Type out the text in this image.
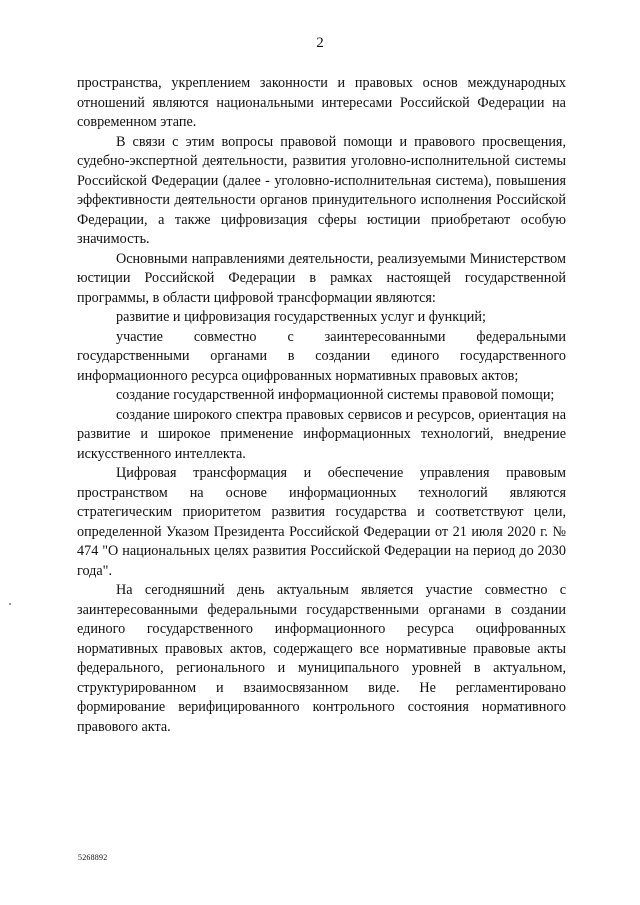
2

пространства, укреплением законности и правовых основ международных отношений являются национальными интересами Российской Федерации на современном этапе.

В связи с этим вопросы правовой помощи и правового просвещения, судебно-экспертной деятельности, развития уголовно-исполнительной системы Российской Федерации (далее - уголовно-исполнительная система), повышения эффективности деятельности органов принудительного исполнения Российской Федерации, а также цифровизация сферы юстиции приобретают особую значимость.

Основными направлениями деятельности, реализуемыми Министерством юстиции Российской Федерации в рамках настоящей государственной программы, в области цифровой трансформации являются:

развитие и цифровизация государственных услуг и функций;

участие совместно с заинтересованными федеральными государственными органами в создании единого государственного информационного ресурса оцифрованных нормативных правовых актов;

создание государственной информационной системы правовой помощи;

создание широкого спектра правовых сервисов и ресурсов, ориентация на развитие и широкое применение информационных технологий, внедрение искусственного интеллекта.

Цифровая трансформация и обеспечение управления правовым пространством на основе информационных технологий являются стратегическим приоритетом развития государства и соответствуют цели, определенной Указом Президента Российской Федерации от 21 июля 2020 г. № 474 "О национальных целях развития Российской Федерации на период до 2030 года".

На сегодняшний день актуальным является участие совместно с заинтересованными федеральными государственными органами в создании единого государственного информационного ресурса оцифрованных нормативных правовых актов, содержащего все нормативные правовые акты федерального, регионального и муниципального уровней в актуальном, структурированном и взаимосвязанном виде. Не регламентировано формирование верифицированного контрольного состояния нормативного правового акта.

5268892
